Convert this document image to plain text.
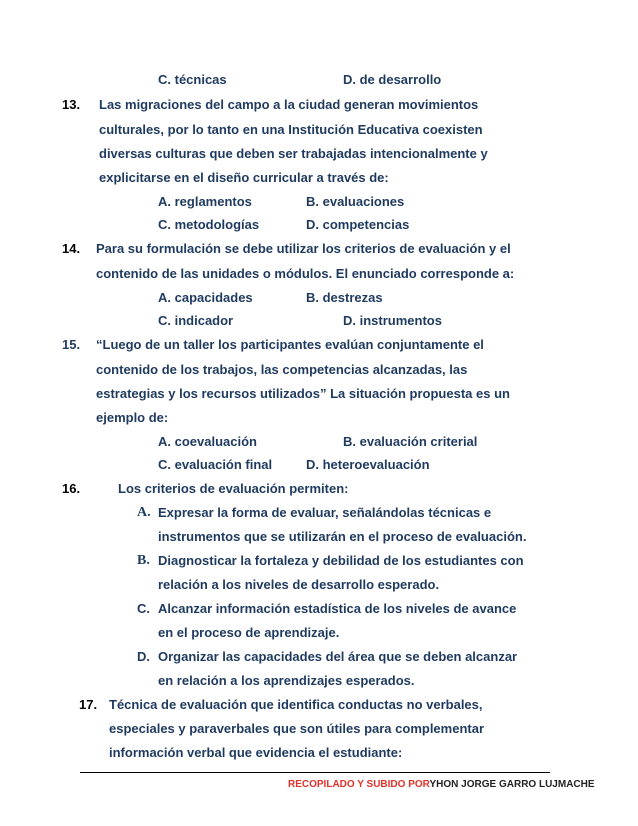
C. técnicas	D. de desarrollo
13. Las migraciones del campo a la ciudad generan movimientos
culturales, por lo tanto en una Institución Educativa coexisten
diversas culturas que deben ser trabajadas intencionalmente y
explicitarse en el diseño curricular a través de:
A. reglamentos	B. evaluaciones
C. metodologías	D. competencias
14. Para su formulación se debe utilizar los criterios de evaluación y el
contenido de las unidades o módulos. El enunciado corresponde a:
A. capacidades	B. destrezas
C. indicador	D. instrumentos
15. “Luego de un taller los participantes evalúan conjuntamente el
contenido de los trabajos, las competencias alcanzadas, las
estrategias y los recursos utilizados” La situación propuesta es un
ejemplo de:
A. coevaluación	B. evaluación criterial
C. evaluación final	D. heteroevaluación
16.	Los criterios de evaluación permiten:
A. Expresar la forma de evaluar, señalándolas técnicas e
instrumentos que se utilizarán en el proceso de evaluación.
B. Diagnosticar la fortaleza y debilidad de los estudiantes con
relación a los niveles de desarrollo esperado.
C. Alcanzar información estadística de los niveles de avance
en el proceso de aprendizaje.
D. Organizar las capacidades del área que se deben alcanzar
en relación a los aprendizajes esperados.
17. Técnica de evaluación que identifica conductas no verbales,
especiales y paraverbales que son útiles para complementar
información verbal que evidencia el estudiante:
RECOPILADO Y SUBIDO PORYHON JORGE GARRO LUJMACHE
